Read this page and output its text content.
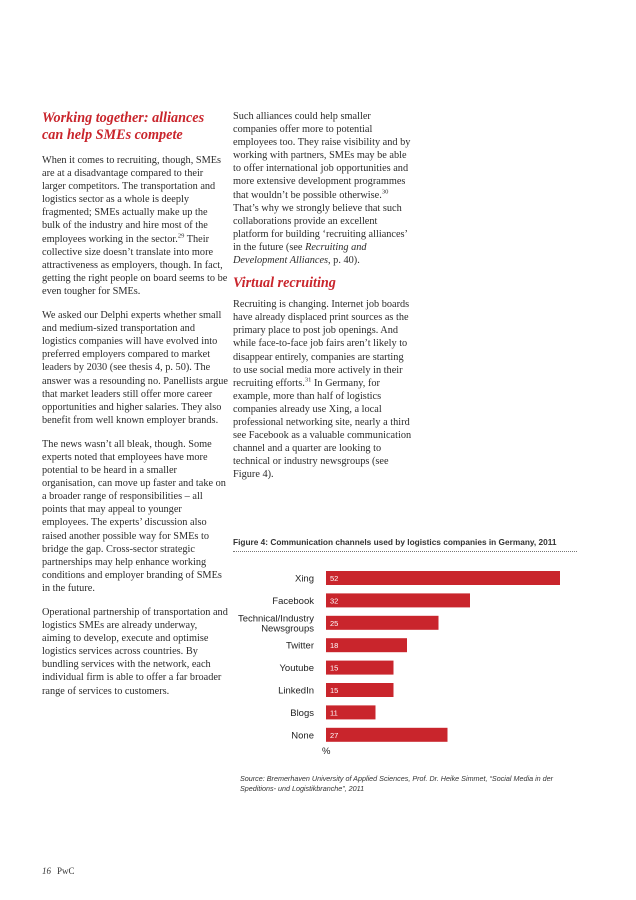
Working together: alliances can help SMEs compete

When it comes to recruiting, though, SMEs are at a disadvantage compared to their larger competitors. The transportation and logistics sector as a whole is deeply fragmented; SMEs actually make up the bulk of the industry and hire most of the employees working in the sector.$^{29}$ Their collective size doesn’t translate into more attractiveness as employers, though. In fact, getting the right people on board seems to be even tougher for SMEs.

We asked our Delphi experts whether small and medium-sized transportation and logistics companies will have evolved into preferred employers compared to market leaders by 2030 (see thesis 4, p. 50). The answer was a resounding no. Panellists argue that market leaders still offer more career opportunities and higher salaries. They also benefit from well known employer brands.

The news wasn’t all bleak, though. Some experts noted that employees have more potential to be heard in a smaller organisation, can move up faster and take on a broader range of responsibilities – all points that may appeal to younger employees. The experts’ discussion also raised another possible way for SMEs to bridge the gap. Cross-sector strategic partnerships may help enhance working conditions and employer branding of SMEs in the future.

Operational partnership of transportation and logistics SMEs are already underway, aiming to develop, execute and optimise logistics services across countries. By bundling services with the network, each individual firm is able to offer a far broader range of services to customers.

Such alliances could help smaller companies offer more to potential employees too. They raise visibility and by working with partners, SMEs may be able to offer international job opportunities and more extensive development programmes that wouldn’t be possible otherwise.$^{30}$ That’s why we strongly believe that such collaborations provide an excellent platform for building ‘recruiting alliances’ in the future (see Recruiting and Development Alliances, p. 40).

Virtual recruiting

Recruiting is changing. Internet job boards have already displaced print sources as the primary place to post job openings. And while face-to-face job fairs aren’t likely to disappear entirely, companies are starting to use social media more actively in their recruiting efforts.$^{31}$ In Germany, for example, more than half of logistics companies already use Xing, a local professional networking site, nearly a third see Facebook as a valuable communication channel and a quarter are looking to technical or industry newsgroups (see Figure 4).

Figure 4: Communication channels used by logistics companies in Germany, 2011
52
Xing
32
Facebook
25
Technical/Industry Newsgroups
18
Twitter
15
Youtube
15
LinkedIn
11
Blogs
27
None
%
Source: Bremerhaven University of Applied Sciences, Prof. Dr. Heike Simmet, “Social Media in der Speditions- und Logistikbranche”, 2011
16 PwC
